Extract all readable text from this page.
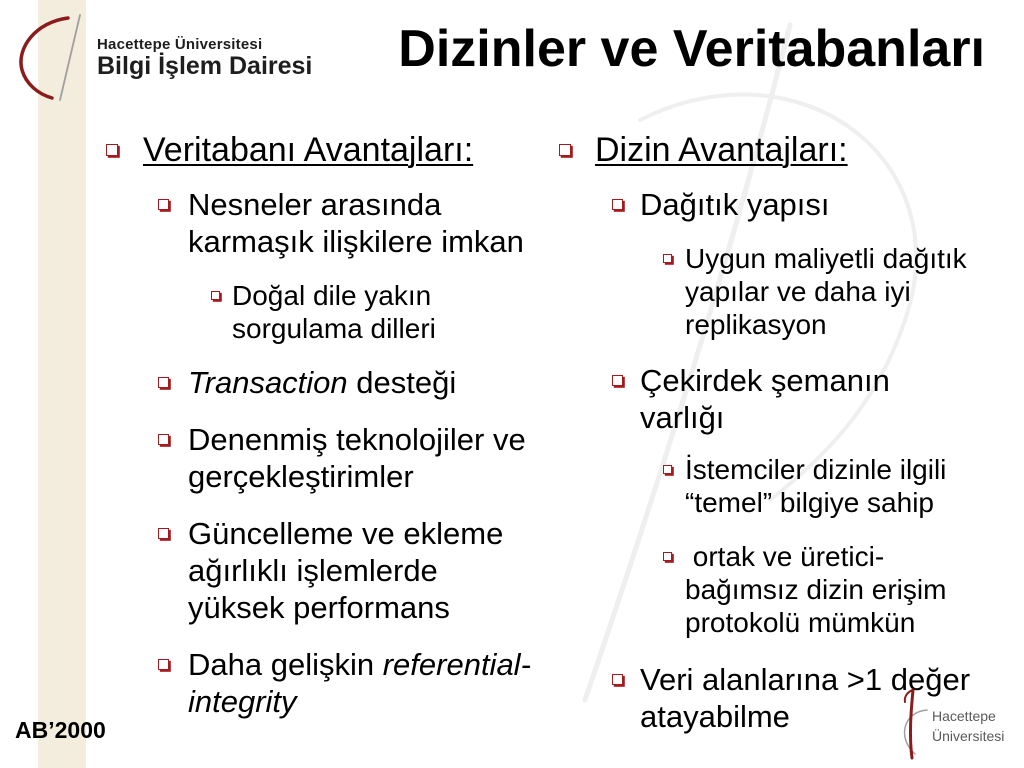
Hacettepe Üniversitesi
Bilgi İşlem Dairesi Dizinler ve Veritabanları
Veritabanı Avantajları:
Nesneler arasında
karmaşık ilişkilere imkan
Doğal dile yakın
sorgulama dilleri
Transaction desteği
Denenmiş teknolojiler ve
gerçekleştirimler
Güncelleme ve ekleme
ağırlıklı işlemlerde
yüksek performans
Daha gelişkin referential-
integrity
Dizin Avantajları:
Dağıtık yapısı
Uygun maliyetli dağıtık
yapılar ve daha iyi
replikasyon
Çekirdek şemanın
varlığı
İstemciler dizinle ilgili
“temel” bilgiye sahip
ortak ve üretici-
bağımsız dizin erişim
protokolü mümkün
Veri alanlarına >1 değer
atayabilme
AB’2000
Hacettepe
Üniversitesi
